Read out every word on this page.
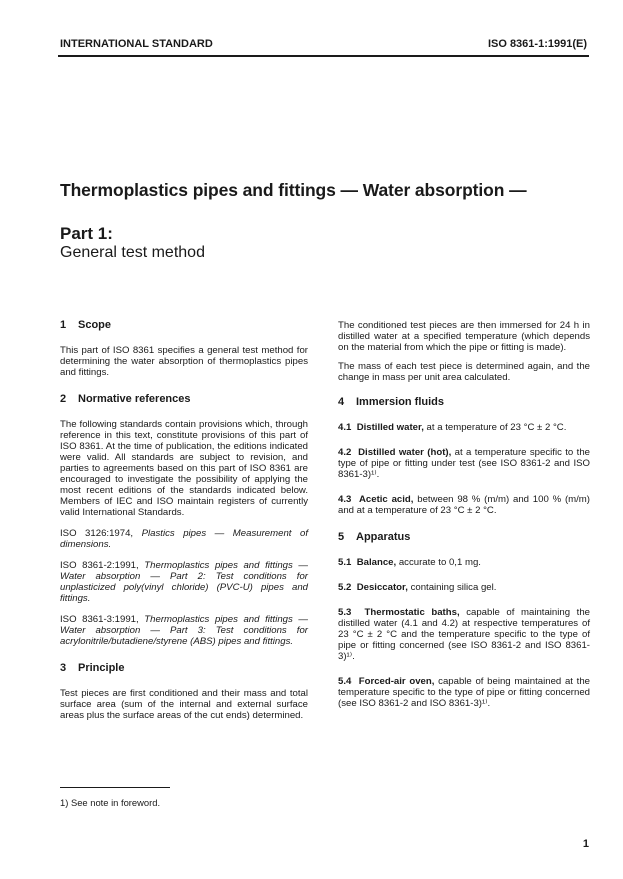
INTERNATIONAL STANDARD	ISO 8361-1:1991(E)
Thermoplastics pipes and fittings — Water absorption —
Part 1:
General test method
1	Scope

This part of ISO 8361 specifies a general test method for determining the water absorption of thermoplastics pipes and fittings.

2	Normative references

The following standards contain provisions which, through reference in this text, constitute provisions of this part of ISO 8361. At the time of publication, the editions indicated were valid. All standards are subject to revision, and parties to agreements based on this part of ISO 8361 are encouraged to investigate the possibility of applying the most recent editions of the standards indicated below. Members of IEC and ISO maintain registers of currently valid International Standards.

ISO 3126:1974, Plastics pipes — Measurement of dimensions.

ISO 8361-2:1991, Thermoplastics pipes and fittings — Water absorption — Part 2: Test conditions for unplasticized poly(vinyl chloride) (PVC-U) pipes and fittings.

ISO 8361-3:1991, Thermoplastics pipes and fittings — Water absorption — Part 3: Test conditions for acrylonitrile/butadiene/styrene (ABS) pipes and fittings.

3	Principle

Test pieces are first conditioned and their mass and total surface area (sum of the internal and external surface areas plus the surface areas of the cut ends) determined.

The conditioned test pieces are then immersed for 24 h in distilled water at a specified temperature (which depends on the material from which the pipe or fitting is made).

The mass of each test piece is determined again, and the change in mass per unit area calculated.

4	Immersion fluids

4.1 Distilled water, at a temperature of 23 °C ± 2 °C.

4.2 Distilled water (hot), at a temperature specific to the type of pipe or fitting under test (see ISO 8361-2 and ISO 8361-3)¹⁾.

4.3 Acetic acid, between 98 % (m/m) and 100 % (m/m) and at a temperature of 23 °C ± 2 °C.

5	Apparatus

5.1 Balance, accurate to 0,1 mg.

5.2 Desiccator, containing silica gel.

5.3 Thermostatic baths, capable of maintaining the distilled water (4.1 and 4.2) at respective temperatures of 23 °C ± 2 °C and the temperature specific to the type of pipe or fitting concerned (see ISO 8361-2 and ISO 8361-3)¹⁾.

5.4 Forced-air oven, capable of being maintained at the temperature specific to the type of pipe or fitting concerned (see ISO 8361-2 and ISO 8361-3)¹⁾.

1) See note in foreword.
1
